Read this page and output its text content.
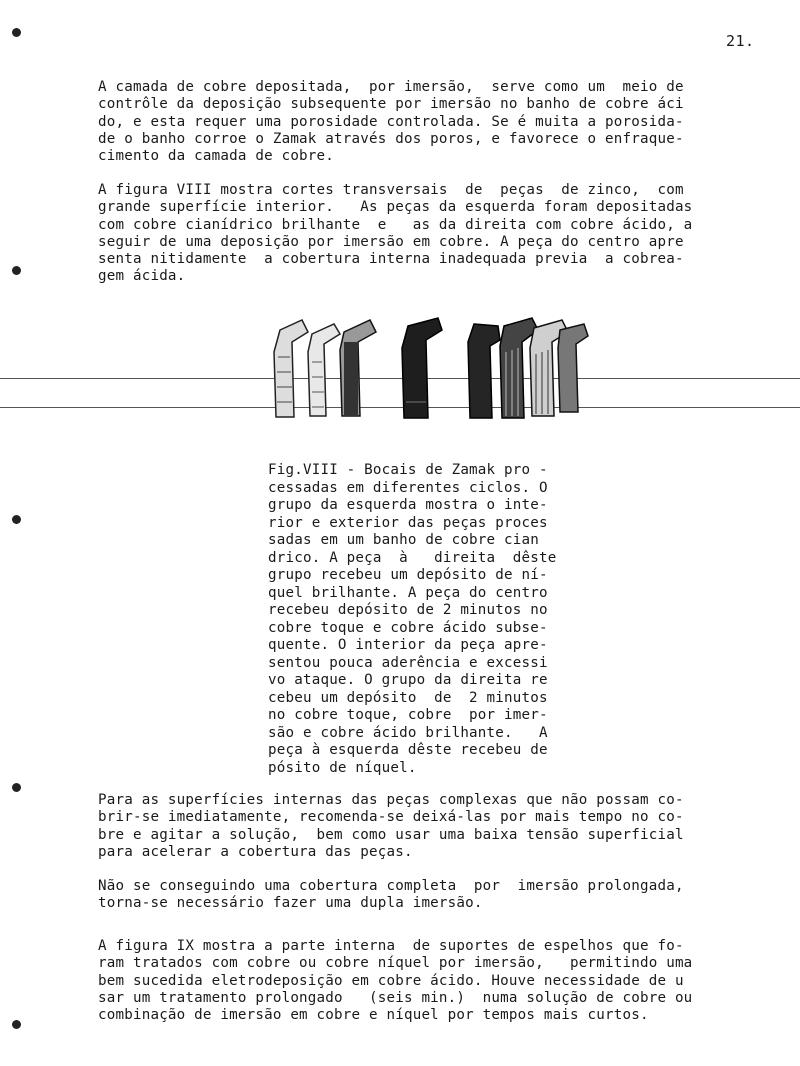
21.
A camada de cobre depositada,  por imersão,  serve como um  meio de
contrôle da deposição subsequente por imersão no banho de cobre áci
do, e esta requer uma porosidade controlada. Se é muita a porosida-
de o banho corroe o Zamak através dos poros, e favorece o enfraque-
cimento da camada de cobre.
A figura VIII mostra cortes transversais  de  peças  de zinco,  com
grande superfície interior.   As peças da esquerda foram depositadas
com cobre cianídrico brilhante  e   as da direita com cobre ácido, a
seguir de uma deposição por imersão em cobre. A peça do centro apre
senta nitidamente  a cobertura interna inadequada previa  a cobrea-
gem ácida.
Fig.VIII - Bocais de Zamak pro -
cessadas em diferentes ciclos. O
grupo da esquerda mostra o inte-
rior e exterior das peças proces
sadas em um banho de cobre cian
drico. A peça  à   direita  dêste
grupo recebeu um depósito de ní-
quel brilhante. A peça do centro
recebeu depósito de 2 minutos no
cobre toque e cobre ácido subse-
quente. O interior da peça apre-
sentou pouca aderência e excessi
vo ataque. O grupo da direita re
cebeu um depósito  de  2 minutos
no cobre toque, cobre  por imer-
são e cobre ácido brilhante.   A
peça à esquerda dêste recebeu de
pósito de níquel.
Para as superfícies internas das peças complexas que não possam co-
brir-se imediatamente, recomenda-se deixá-las por mais tempo no co-
bre e agitar a solução,  bem como usar uma baixa tensão superficial
para acelerar a cobertura das peças.
Não se conseguindo uma cobertura completa  por  imersão prolongada,
torna-se necessário fazer uma dupla imersão.
A figura IX mostra a parte interna  de suportes de espelhos que fo-
ram tratados com cobre ou cobre níquel por imersão,   permitindo uma
bem sucedida eletrodeposição em cobre ácido. Houve necessidade de u
sar um tratamento prolongado   (seis min.)  numa solução de cobre ou
combinação de imersão em cobre e níquel por tempos mais curtos.
